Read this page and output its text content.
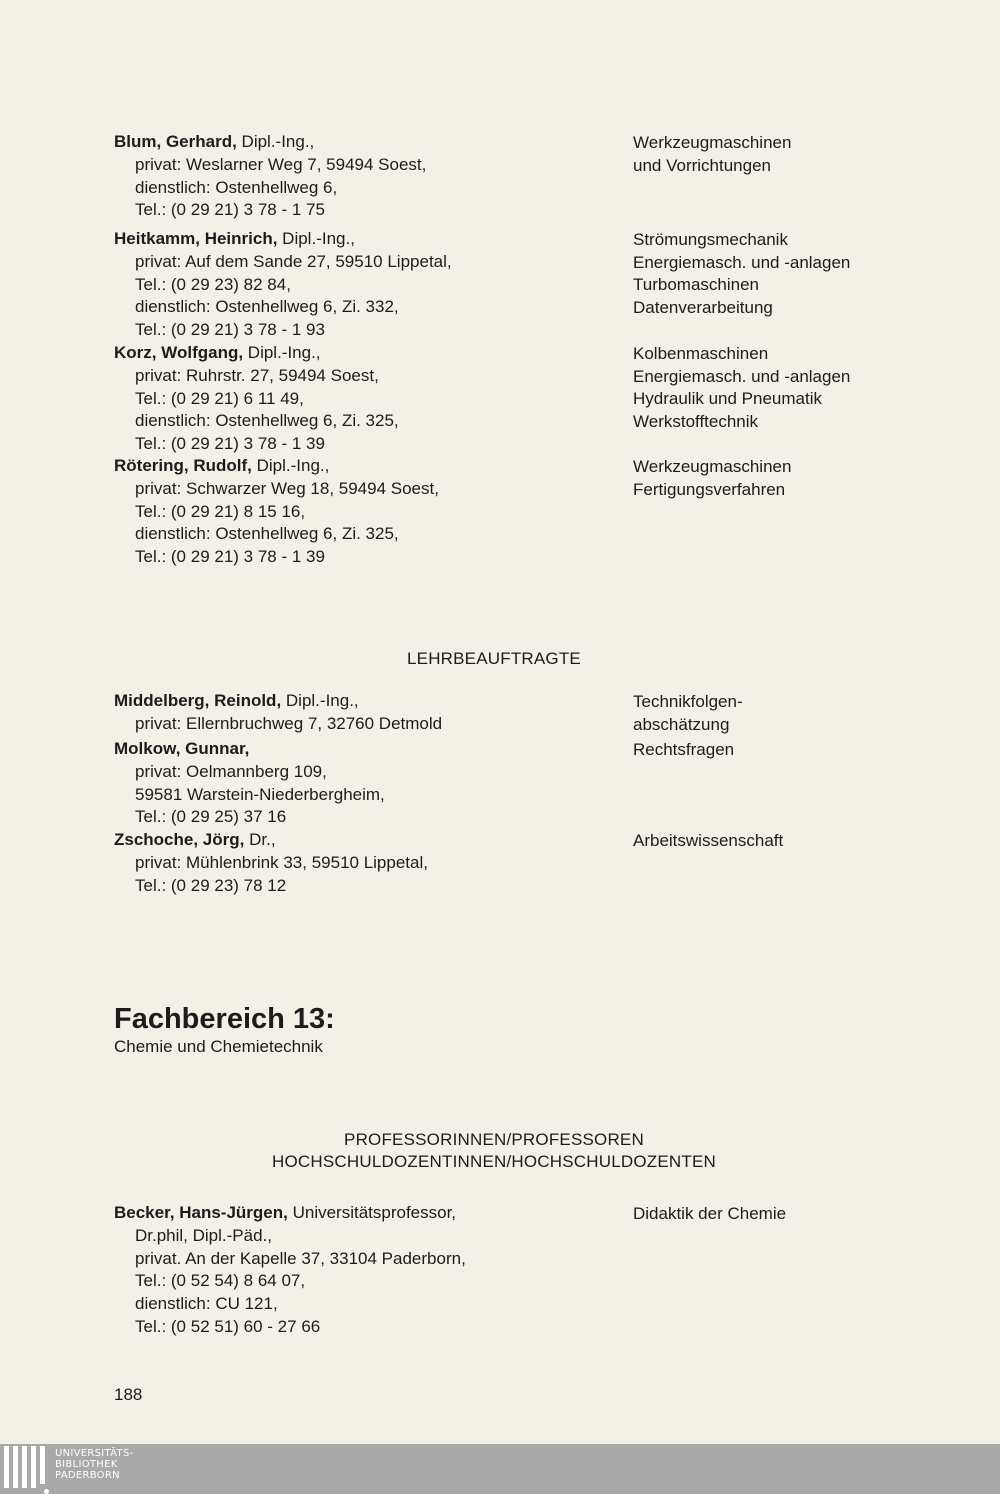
Blum, Gerhard, Dipl.-Ing.,
privat: Weslarner Weg 7, 59494 Soest,
dienstlich: Ostenhellweg 6,
Tel.: (0 29 21) 3 78 - 1 75
Werkzeugmaschinen
und Vorrichtungen
Heitkamm, Heinrich, Dipl.-Ing.,
privat: Auf dem Sande 27, 59510 Lippetal,
Tel.: (0 29 23) 82 84,
dienstlich: Ostenhellweg 6, Zi. 332,
Tel.: (0 29 21) 3 78 - 1 93
Strömungsmechanik
Energiemasch. und -anlagen
Turbomaschinen
Datenverarbeitung
Korz, Wolfgang, Dipl.-Ing.,
privat: Ruhrstr. 27, 59494 Soest,
Tel.: (0 29 21) 6 11 49,
dienstlich: Ostenhellweg 6, Zi. 325,
Tel.: (0 29 21) 3 78 - 1 39
Kolbenmaschinen
Energiemasch. und -anlagen
Hydraulik und Pneumatik
Werkstofftechnik
Rötering, Rudolf, Dipl.-Ing.,
privat: Schwarzer Weg 18, 59494 Soest,
Tel.: (0 29 21) 8 15 16,
dienstlich: Ostenhellweg 6, Zi. 325,
Tel.: (0 29 21) 3 78 - 1 39
Werkzeugmaschinen
Fertigungsverfahren
LEHRBEAUFTRAGTE
Middelberg, Reinold, Dipl.-Ing.,
privat: Ellernbruchweg 7, 32760 Detmold
Technikfolgen-
abschätzung
Molkow, Gunnar,
privat: Oelmannberg 109,
59581 Warstein-Niederbergheim,
Tel.: (0 29 25) 37 16
Rechtsfragen
Zschoche, Jörg, Dr.,
privat: Mühlenbrink 33, 59510 Lippetal,
Tel.: (0 29 23) 78 12
Arbeitswissenschaft
Fachbereich 13:
Chemie und Chemietechnik
PROFESSORINNEN/PROFESSOREN
HOCHSCHULDOZENTINNEN/HOCHSCHULDOZENTEN
Becker, Hans-Jürgen, Universitätsprofessor,
Dr.phil, Dipl.-Päd.,
privat. An der Kapelle 37, 33104 Paderborn,
Tel.: (0 52 54) 8 64 07,
dienstlich: CU 121,
Tel.: (0 52 51) 60 - 27 66
Didaktik der Chemie
188
UNIVERSITÄTS-
BIBLIOTHEK
PADERBORN
